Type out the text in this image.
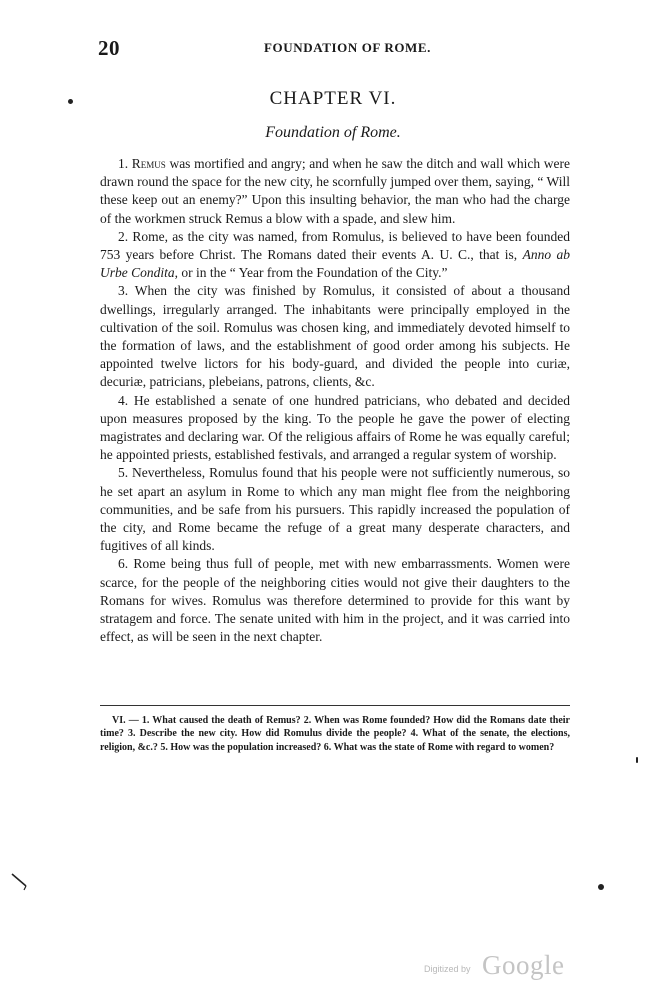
20	FOUNDATION OF ROME.
CHAPTER VI.
Foundation of Rome.

1. Remus was mortified and angry; and when he saw the ditch and wall which were drawn round the space for the new city, he scornfully jumped over them, saying, “ Will these keep out an enemy?” Upon this insulting behavior, the man who had the charge of the workmen struck Remus a blow with a spade, and slew him.

2. Rome, as the city was named, from Romulus, is believed to have been founded 753 years before Christ. The Romans dated their events A. U. C., that is, Anno ab Urbe Condita, or in the “ Year from the Foundation of the City.”

3. When the city was finished by Romulus, it consisted of about a thousand dwellings, irregularly arranged. The inhabitants were principally employed in the cultivation of the soil. Romulus was chosen king, and immediately devoted himself to the formation of laws, and the establishment of good order among his subjects. He appointed twelve lictors for his body-guard, and divided the people into curiæ, decuriæ, patricians, plebeians, patrons, clients, &c.

4. He established a senate of one hundred patricians, who debated and decided upon measures proposed by the king. To the people he gave the power of electing magistrates and declaring war. Of the religious affairs of Rome he was equally careful; he appointed priests, established festivals, and arranged a regular system of worship.

5. Nevertheless, Romulus found that his people were not sufficiently numerous, so he set apart an asylum in Rome to which any man might flee from the neighboring communities, and be safe from his pursuers. This rapidly increased the population of the city, and Rome became the refuge of a great many desperate characters, and fugitives of all kinds.

6. Rome being thus full of people, met with new embarrassments. Women were scarce, for the people of the neighboring cities would not give their daughters to the Romans for wives. Romulus was therefore determined to provide for this want by stratagem and force. The senate united with him in the project, and it was carried into effect, as will be seen in the next chapter.

VI. — 1. What caused the death of Remus? 2. When was Rome founded? How did the Romans date their time? 3. Describe the new city. How did Romulus divide the people? 4. What of the senate, the elections, religion, &c.? 5. How was the population increased? 6. What was the state of Rome with regard to women?

Digitized by Google
